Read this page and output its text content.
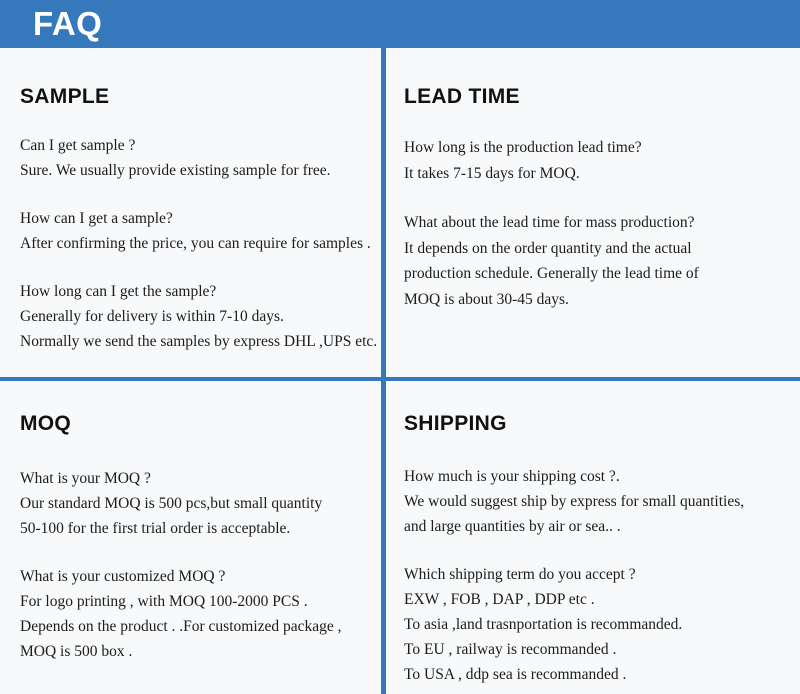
FAQ
SAMPLE
Can I get sample ?
Sure. We usually provide existing sample for free.
How can I get a sample?
After confirming the price, you can require for samples .
How long can I get the sample?
Generally for delivery is within 7-10 days.
Normally we send the samples by express DHL ,UPS etc.
LEAD TIME
How long is the production lead time?
It takes 7-15 days for MOQ.
What about the lead time for mass production?
It depends on the order quantity and the actual
production schedule. Generally the lead time of
MOQ is about 30-45 days.
MOQ
What is your MOQ ?
Our standard MOQ is 500 pcs,but small quantity
50-100 for the first trial order is acceptable.
What is your customized MOQ ?
For logo printing , with MOQ 100-2000 PCS .
Depends on the product . .For customized package ,
MOQ is 500 box .
SHIPPING
How much is your shipping cost ?.
We would suggest ship by express for small quantities,
and large quantities by air or sea.. .
Which shipping term do you accept ?
EXW , FOB , DAP , DDP etc .
To asia ,land trasnportation is recommanded.
To EU , railway is recommanded .
To USA , ddp sea is recommanded .
